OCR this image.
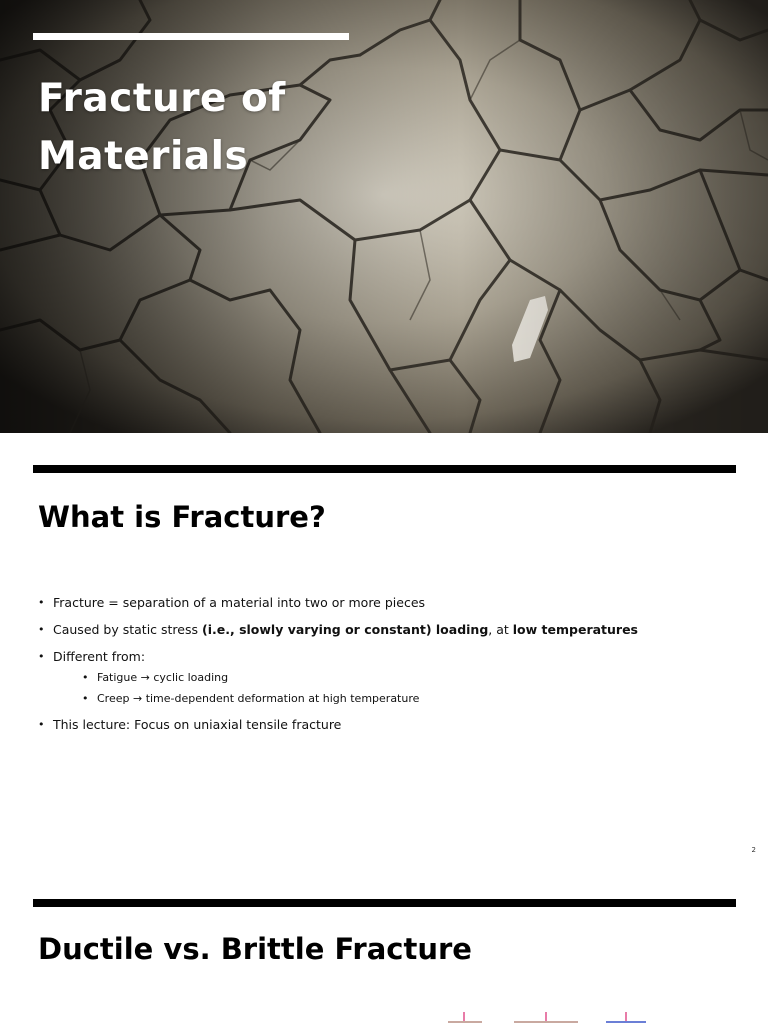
Fracture of
Materials
What is Fracture?
• Fracture = separation of a material into two or more pieces
• Caused by static stress (i.e., slowly varying or constant) loading, at low temperatures
• Different from:
• Fatigue → cyclic loading
• Creep → time-dependent deformation at high temperature
• This lecture: Focus on uniaxial tensile fracture
2
Ductile vs. Brittle Fracture
